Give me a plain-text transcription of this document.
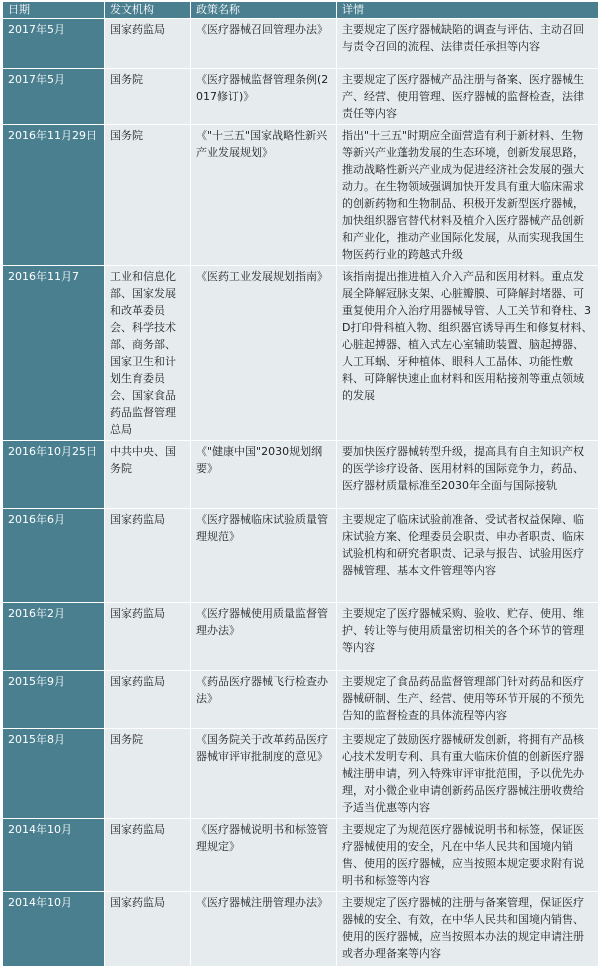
日期	发文机构	政策名称	详情
2017年5月	国家药监局	《医疗器械召回管理办法》	主要规定了医疗器械缺陷的调查与评估、主动召回与责令召回的流程、法律责任承担等内容
2017年5月	国务院	《医疗器械监督管理条例(2017修订)》	主要规定了医疗器械产品注册与备案、医疗器械生产、经营、使用管理、医疗器械的监督检查，法律责任等内容
2016年11月29日	国务院	《"十三五"国家战略性新兴产业发展规划》	指出"十三五"时期应全面营造有利于新材料、生物等新兴产业蓬勃发展的生态环境，创新发展思路，推动战略性新兴产业成为促进经济社会发展的强大动力。在生物领域强调加快开发具有重大临床需求的创新药物和生物制品、积极开发新型医疗器械，加快组织器官替代材料及植介入医疗器械产品创新和产业化，推动产业国际化发展，从而实现我国生物医药行业的跨越式升级
2016年11月7	工业和信息化部、国家发展和改革委员会、科学技术部、商务部、国家卫生和计划生育委员会、国家食品药品监督管理总局	《医药工业发展规划指南》	该指南提出推进植入介入产品和医用材料。重点发展全降解冠脉支架、心脏瓣膜、可降解封堵器、可重复使用介入治疗用器械导管、人工关节和脊柱、3D打印骨科植入物、组织器官诱导再生和修复材料、心脏起搏器、植入式左心室辅助装置、脑起搏器、人工耳蜗、牙种植体、眼科人工晶体、功能性敷料、可降解快速止血材料和医用粘接剂等重点领域的发展
2016年10月25日	中共中央、国务院	《"健康中国"2030规划纲要》	要加快医疗器械转型升级，提高具有自主知识产权的医学诊疗设备、医用材料的国际竞争力，药品、医疗器材质量标准至2030年全面与国际接轨
2016年6月	国家药监局	《医疗器械临床试验质量管理规范》	主要规定了临床试验前准备、受试者权益保障、临床试验方案、伦理委员会职责、申办者职责、临床试验机构和研究者职责、记录与报告、试验用医疗器械管理、基本文件管理等内容
2016年2月	国家药监局	《医疗器械使用质量监督管理办法》	主要规定了医疗器械采购、验收、贮存、使用、维护、转让等与使用质量密切相关的各个环节的管理等内容
2015年9月	国家药监局	《药品医疗器械飞行检查办法》	主要规定了食品药品监督管理部门针对药品和医疗器械研制、生产、经营、使用等环节开展的不预先告知的监督检查的具体流程等内容
2015年8月	国务院	《国务院关于改革药品医疗器械审评审批制度的意见》	主要规定了鼓励医疗器械研发创新，将拥有产品核心技术发明专利、具有重大临床价值的创新医疗器械注册申请，列入特殊审评审批范围，予以优先办理，对小微企业申请创新药品医疗器械注册收费给予适当优惠等内容
2014年10月	国家药监局	《医疗器械说明书和标签管理规定》	主要规定了为规范医疗器械说明书和标签，保证医疗器械使用的安全，凡在中华人民共和国境内销售、使用的医疗器械，应当按照本规定要求附有说明书和标签等内容
2014年10月	国家药监局	《医疗器械注册管理办法》	主要规定了医疗器械的注册与备案管理，保证医疗器械的安全、有效，在中华人民共和国境内销售、使用的医疗器械，应当按照本办法的规定申请注册或者办理备案等内容
